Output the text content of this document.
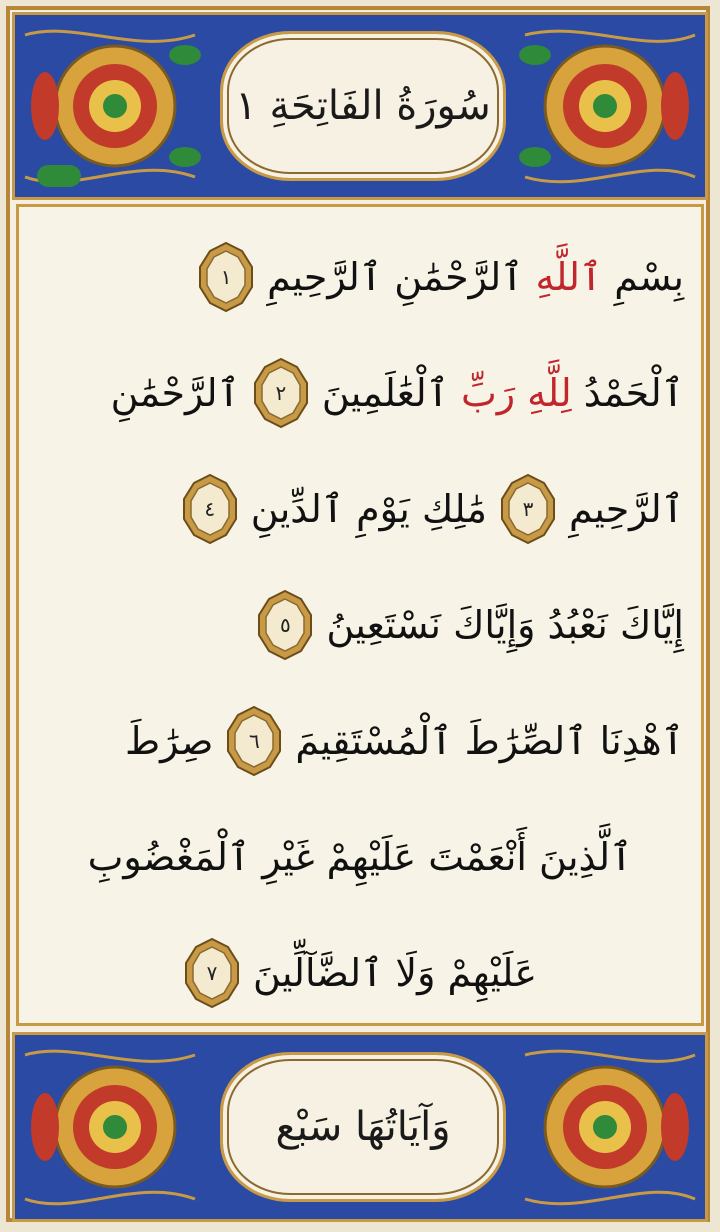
سُورَةُ الفَاتِحَةِ ١
بِسْمِ
ٱللَّهِ
ٱلرَّحْمَٰنِ ٱلرَّحِيمِ
١
ٱلْحَمْدُ
لِلَّهِ رَبِّ
ٱلْعَٰلَمِينَ
٢
ٱلرَّحْمَٰنِ
ٱلرَّحِيمِ
٣
مَٰلِكِ يَوْمِ ٱلدِّينِ
٤
إِيَّاكَ نَعْبُدُ وَإِيَّاكَ نَسْتَعِينُ
٥
ٱهْدِنَا ٱلصِّرَٰطَ ٱلْمُسْتَقِيمَ
٦
صِرَٰطَ
ٱلَّذِينَ أَنْعَمْتَ عَلَيْهِمْ غَيْرِ ٱلْمَغْضُوبِ
عَلَيْهِمْ وَلَا ٱلضَّآلِّينَ
٧
وَآيَاتُهَا سَبْع
